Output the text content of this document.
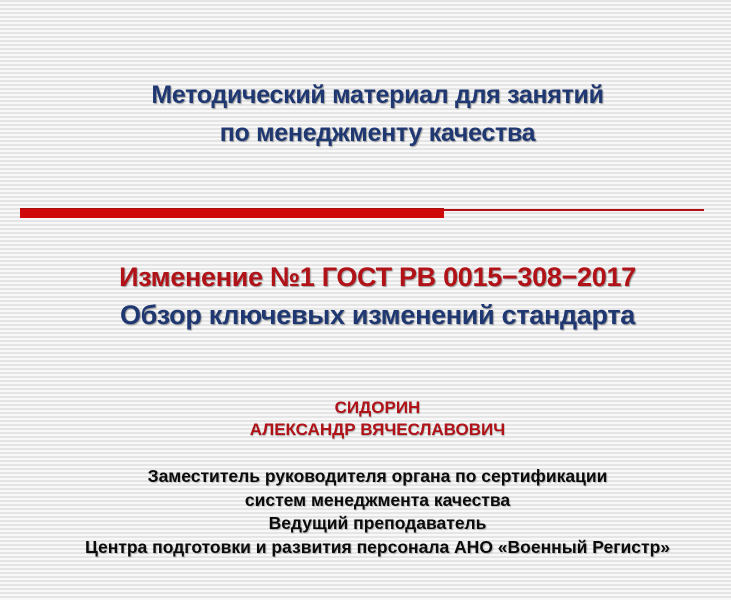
Методический материал для занятий
по менеджменту качества
Изменение №1 ГОСТ РВ 0015−308−2017
Обзор ключевых изменений стандарта
СИДОРИН
АЛЕКСАНДР ВЯЧЕСЛАВОВИЧ
Заместитель руководителя органа по сертификации
систем менеджмента качества
Ведущий преподаватель
Центра подготовки и развития персонала АНО «Военный Регистр»
